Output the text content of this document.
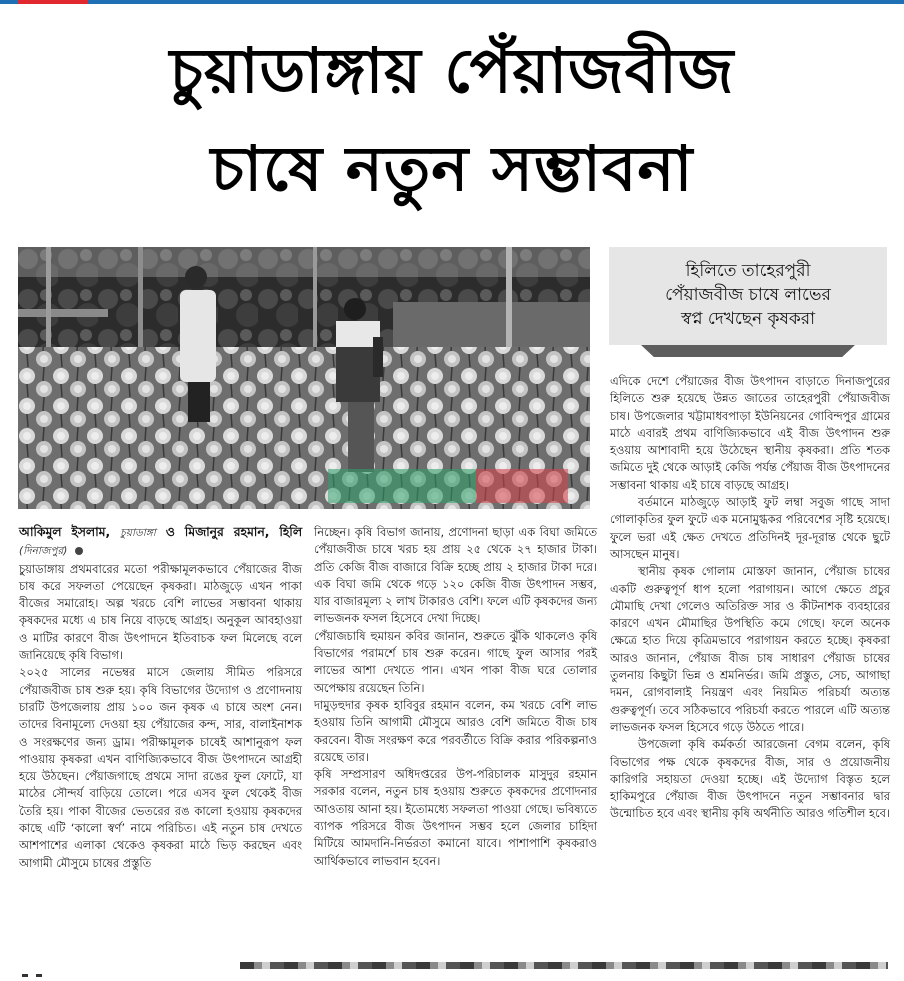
চুয়াডাঙ্গায় পেঁয়াজবীজ
চাষে নতুন সম্ভাবনা
হিলিতে তাহেরপুরী
পেঁয়াজবীজ চাষে লাভের
স্বপ্ন দেখছেন কৃষকরা
আকিমুল ইসলাম, চুয়াডাঙ্গা ও মিজানুর রহমান, হিলি (দিনাজপুর)

চুয়াডাঙ্গায় প্রথমবারের মতো পরীক্ষামূলকভাবে পেঁয়াজের বীজ চাষ করে সফলতা পেয়েছেন কৃষকরা। মাঠজুড়ে এখন পাকা বীজের সমারোহ। অল্প খরচে বেশি লাভের সম্ভাবনা থাকায় কৃষকদের মধ্যে এ চাষ নিয়ে বাড়ছে আগ্রহ। অনুকূল আবহাওয়া ও মাটির কারণে বীজ উৎপাদনে ইতিবাচক ফল মিলেছে বলে জানিয়েছে কৃষি বিভাগ।

২০২৫ সালের নভেম্বর মাসে জেলায় সীমিত পরিসরে পেঁয়াজবীজ চাষ শুরু হয়। কৃষি বিভাগের উদ্যোগ ও প্রণোদনায় চারটি উপজেলায় প্রায় ১০০ জন কৃষক এ চাষে অংশ নেন। তাদের বিনামূল্যে দেওয়া হয় পেঁয়াজের কন্দ, সার, বালাইনাশক ও সংরক্ষণের জন্য ড্রাম। পরীক্ষামূলক চাষেই আশানুরূপ ফল পাওয়ায় কৃষকরা এখন বাণিজ্যিকভাবে বীজ উৎপাদনে আগ্রহী হয়ে উঠছেন। পেঁয়াজগাছে প্রথমে সাদা রঙের ফুল ফোটে, যা মাঠের সৌন্দর্য বাড়িয়ে তোলে। পরে এসব ফুল থেকেই বীজ তৈরি হয়। পাকা বীজের ভেতরের রঙ কালো হওয়ায় কৃষকদের কাছে এটি ‘কালো স্বর্ণ’ নামে পরিচিত। এই নতুন চাষ দেখতে আশপাশের এলাকা থেকেও কৃষকরা মাঠে ভিড় করছেন এবং আগামী মৌসুমে চাষের প্রস্তুতি

নিচ্ছেন। কৃষি বিভাগ জানায়, প্রণোদনা ছাড়া এক বিঘা জমিতে পেঁয়াজবীজ চাষে খরচ হয় প্রায় ২৫ থেকে ২৭ হাজার টাকা। প্রতি কেজি বীজ বাজারে বিক্রি হচ্ছে প্রায় ২ হাজার টাকা দরে। এক বিঘা জমি থেকে গড়ে ১২০ কেজি বীজ উৎপাদন সম্ভব, যার বাজারমূল্য ২ লাখ টাকারও বেশি। ফলে এটি কৃষকদের জন্য লাভজনক ফসল হিসেবে দেখা দিচ্ছে।

পেঁয়াজচাষি হুমায়ন কবির জানান, শুরুতে ঝুঁকি থাকলেও কৃষি বিভাগের পরামর্শে চাষ শুরু করেন। গাছে ফুল আসার পরই লাভের আশা দেখতে পান। এখন পাকা বীজ ঘরে তোলার অপেক্ষায় রয়েছেন তিনি।

দামুড়হুদার কৃষক হাবিবুর রহমান বলেন, কম খরচে বেশি লাভ হওয়ায় তিনি আগামী মৌসুমে আরও বেশি জমিতে বীজ চাষ করবেন। বীজ সংরক্ষণ করে পরবর্তীতে বিক্রি করার পরিকল্পনাও রয়েছে তার।

কৃষি সম্প্রসারণ অধিদপ্তরের উপ-পরিচালক মাসুদুর রহমান সরকার বলেন, নতুন চাষ হওয়ায় শুরুতে কৃষকদের প্রণোদনার আওতায় আনা হয়। ইতোমধ্যে সফলতা পাওয়া গেছে। ভবিষ্যতে ব্যাপক পরিসরে বীজ উৎপাদন সম্ভব হলে জেলার চাহিদা মিটিয়ে আমদানি-নির্ভরতা কমানো যাবে। পাশাপাশি কৃষকরাও আর্থিকভাবে লাভবান হবেন।

এদিকে দেশে পেঁয়াজের বীজ উৎপাদন বাড়াতে দিনাজপুরের হিলিতে শুরু হয়েছে উন্নত জাতের তাহেরপুরী পেঁয়াজবীজ চাষ। উপজেলার খট্টামাধবপাড়া ইউনিয়নের গোবিন্দপুর গ্রামের মাঠে এবারই প্রথম বাণিজ্যিকভাবে এই বীজ উৎপাদন শুরু হওয়ায় আশাবাদী হয়ে উঠেছেন স্থানীয় কৃষকরা। প্রতি শতক জমিতে দুই থেকে আড়াই কেজি পর্যন্ত পেঁয়াজ বীজ উৎপাদনের সম্ভাবনা থাকায় এই চাষে বাড়ছে আগ্রহ।

বর্তমানে মাঠজুড়ে আড়াই ফুট লম্বা সবুজ গাছে সাদা গোলাকৃতির ফুল ফুটে এক মনোমুগ্ধকর পরিবেশের সৃষ্টি হয়েছে। ফুলে ভরা এই ক্ষেত দেখতে প্রতিদিনই দূর-দূরান্ত থেকে ছুটে আসছেন মানুষ।

স্থানীয় কৃষক গোলাম মোস্তফা জানান, পেঁয়াজ চাষের একটি গুরুত্বপূর্ণ ধাপ হলো পরাগায়ন। আগে ক্ষেতে প্রচুর মৌমাছি দেখা গেলেও অতিরিক্ত সার ও কীটনাশক ব্যবহারের কারণে এখন মৌমাছির উপস্থিতি কমে গেছে। ফলে অনেক ক্ষেত্রে হাত দিয়ে কৃত্রিমভাবে পরাগায়ন করতে হচ্ছে। কৃষকরা আরও জানান, পেঁয়াজ বীজ চাষ সাধারণ পেঁয়াজ চাষের তুলনায় কিছুটা ভিন্ন ও শ্রমনির্ভর। জমি প্রস্তুত, সেচ, আগাছা দমন, রোগবালাই নিয়ন্ত্রণ এবং নিয়মিত পরিচর্যা অত্যন্ত গুরুত্বপূর্ণ। তবে সঠিকভাবে পরিচর্যা করতে পারলে এটি অত্যন্ত লাভজনক ফসল হিসেবে গড়ে উঠতে পারে।

উপজেলা কৃষি কর্মকর্তা আরজেনা বেগম বলেন, কৃষি বিভাগের পক্ষ থেকে কৃষকদের বীজ, সার ও প্রয়োজনীয় কারিগরি সহায়তা দেওয়া হচ্ছে। এই উদ্যোগ বিস্তৃত হলে হাকিমপুরে পেঁয়াজ বীজ উৎপাদনে নতুন সম্ভাবনার দ্বার উন্মোচিত হবে এবং স্থানীয় কৃষি অর্থনীতি আরও গতিশীল হবে।
